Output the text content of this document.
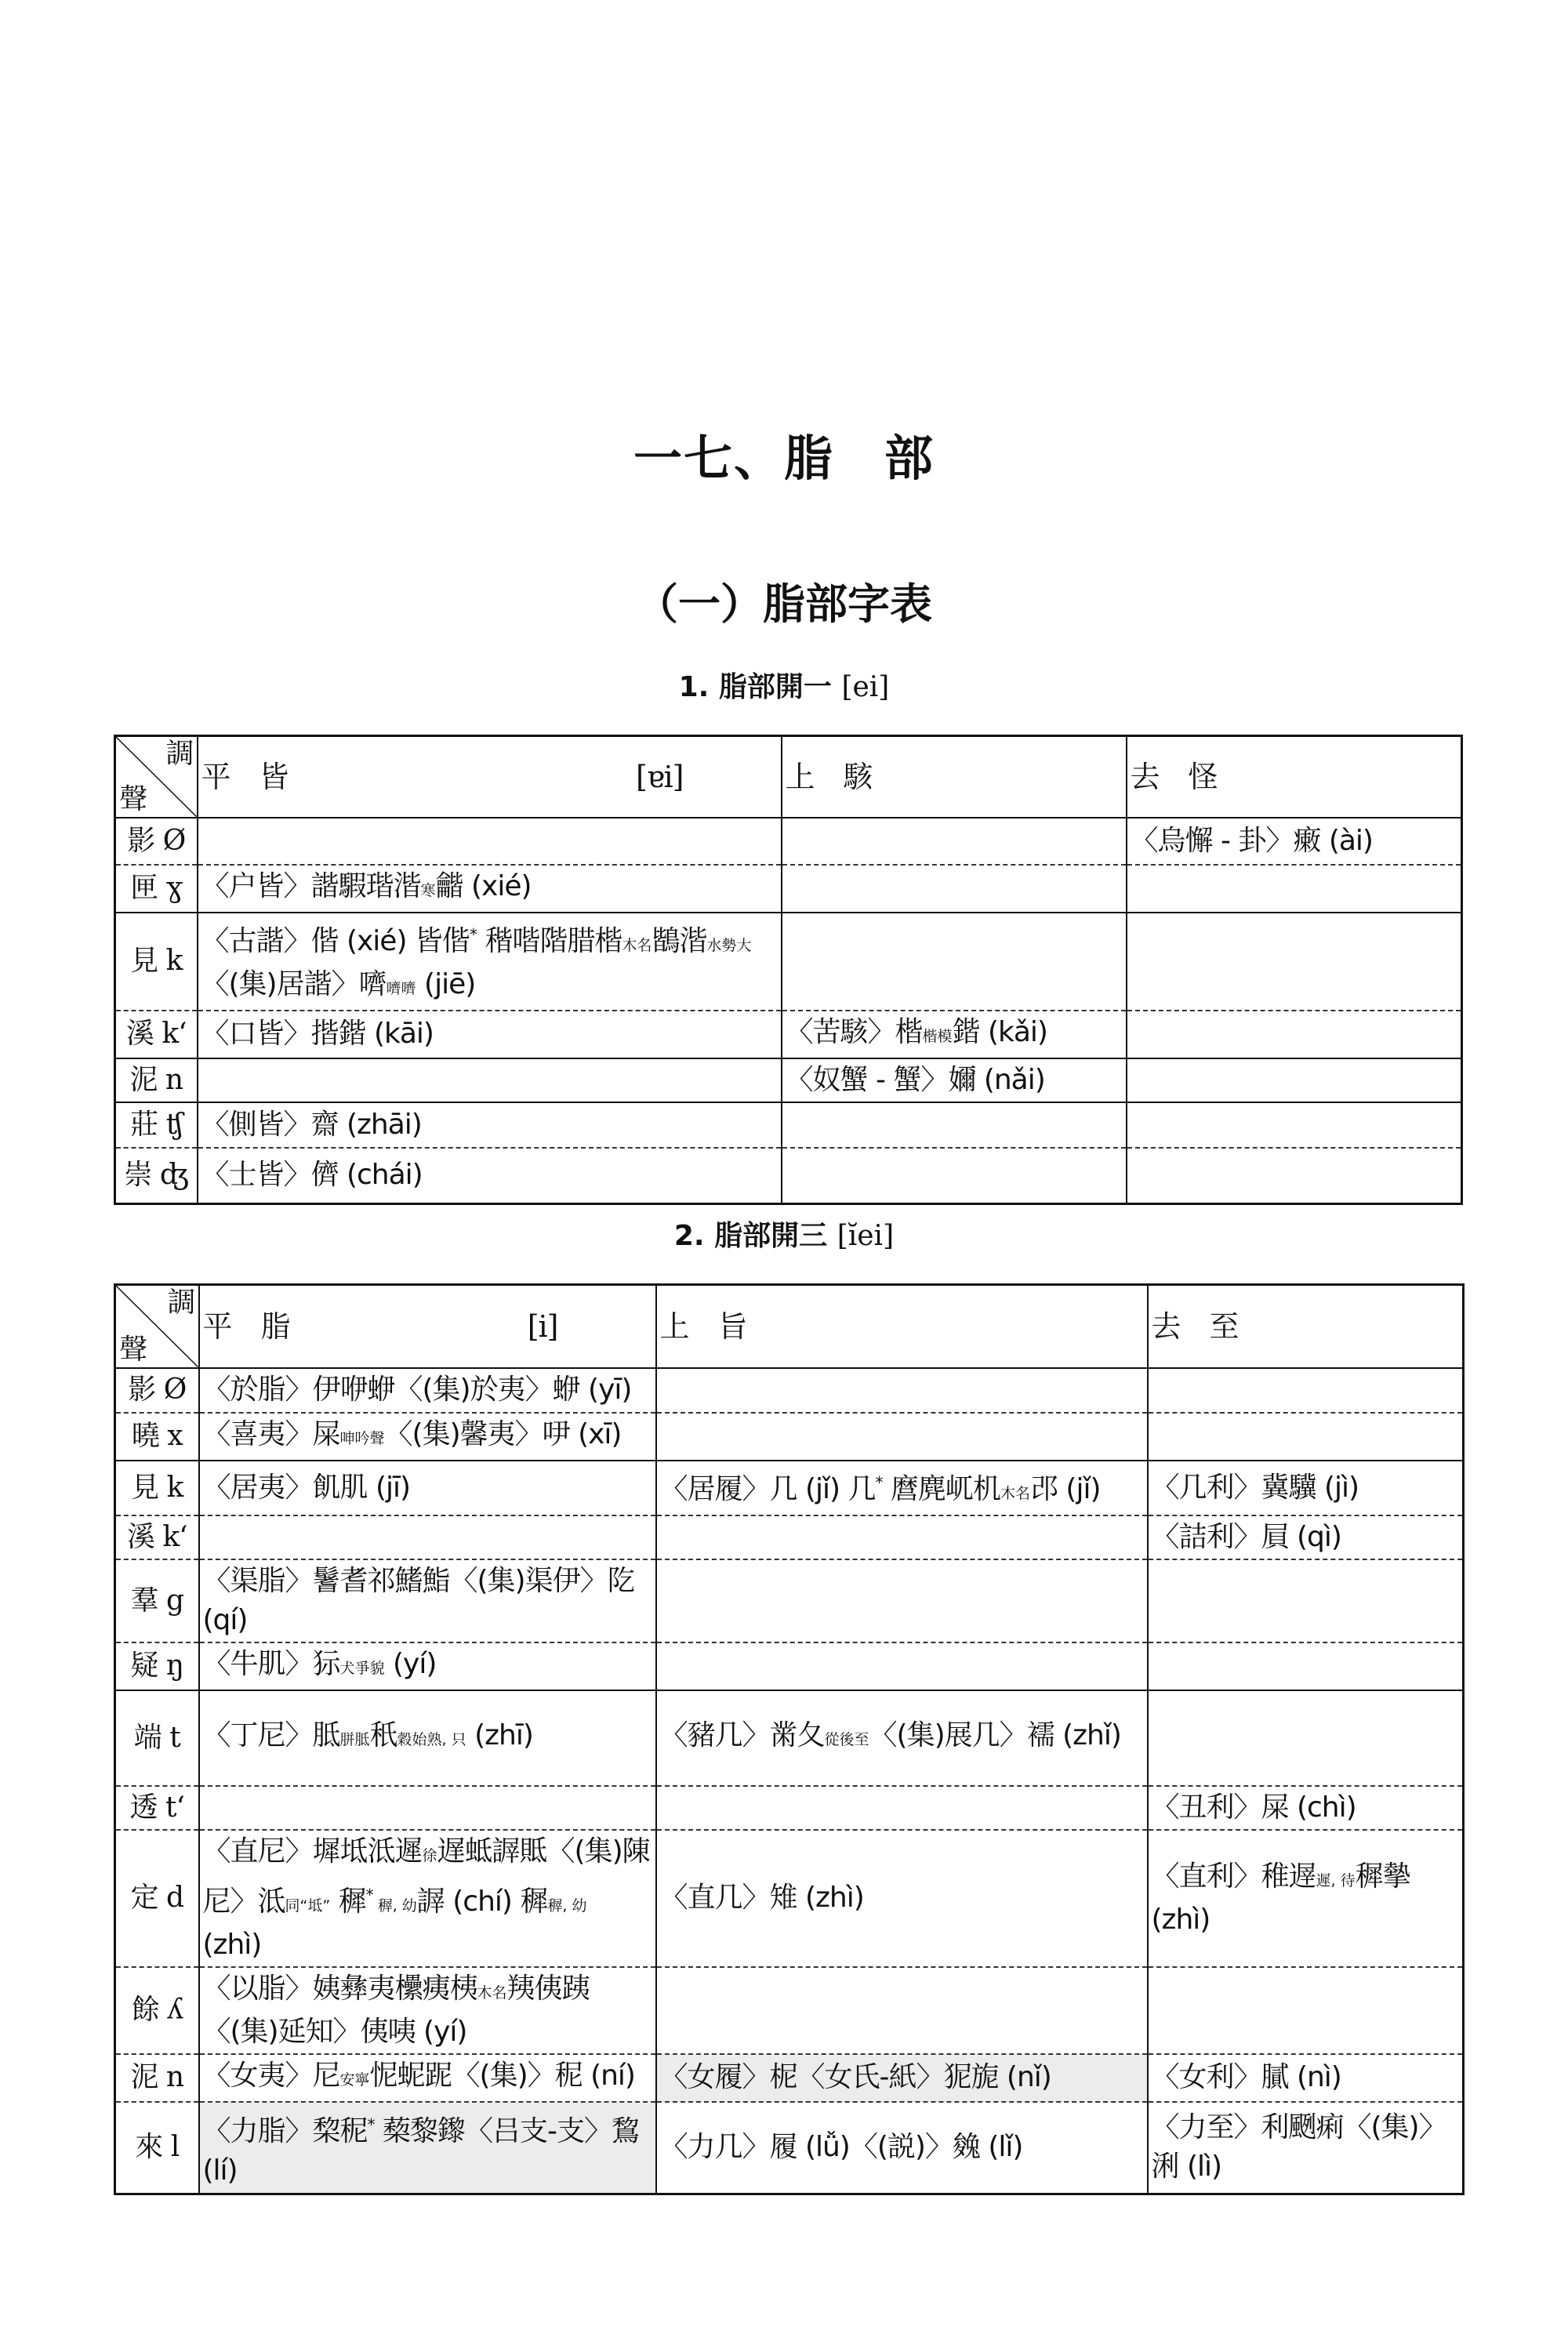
一七、脂　部
（一）脂部字表
1. 脂部開一 [ei]
調
聲	平　皆 [ɐi]	上　駭	去　怪

影 Ø			〈烏懈 - 卦〉瘷 (ài)
匣 ɣ	〈户皆〉諧騢瑎湝寒龤 (xié)		
見 k	〈古諧〉偕 (xié) 皆偕* 稭喈階腊楷木名鶛湝水勢大〈(集)居諧〉嚌嚌嚌 (jiē)		
溪 k‘	〈口皆〉揩鍇 (kāi)	〈苦駭〉楷楷模鍇 (kǎi)	
泥 n		〈奴蟹 - 蟹〉嬭 (nǎi)	
莊 ʧ	〈側皆〉齋 (zhāi)		
崇 ʤ	〈士皆〉儕 (chái)		
2. 脂部開三 [ĭei]
調
聲	平　脂 [i]	上　旨	去　至

影 Ø	〈於脂〉伊咿蛜〈(集)於夷〉蛜 (yī)		
曉 x	〈喜夷〉屎呻吟聲〈(集)馨夷〉吚 (xī)		
見 k	〈居夷〉飢肌 (jī)	〈居履〉几 (jǐ) 几* 麿麂屼机木名邔 (jǐ)	〈几利〉冀驥 (jì)
溪 k‘			〈詰利〉屓 (qì)
羣 g	〈渠脂〉鬐耆祁鰭鮨〈(集)渠伊〉阣 (qí)		
疑 ŋ	〈牛肌〉狋犬爭貌 (yí)		
端 t	〈丁尼〉胝胼胝秖穀始熟, 只 (zhī)	〈豬几〉黹夂從後至〈(集)展几〉襦 (zhǐ)	
透 t‘			〈丑利〉屎 (chì)
定 d	〈直尼〉墀坻泜遲徐遅蚳謘貾〈(集)陳尼〉泜同“坻” 穉* 稺, 幼謘 (chí) 穉稺, 幼 (zhì)	〈直几〉雉 (zhì)	〈直利〉稚遟遲, 待穉摰 (zhì)
餘 ʎ	〈以脂〉姨彝夷欙痍桋木名羠侇跠〈(集)延知〉侇咦 (yí)		
泥 n	〈女夷〉尼安寧怩蚭跜〈(集)〉秜 (ní)	〈女履〉柅〈女氏-紙〉狔旎 (nǐ)	〈女利〉膩 (nì)
來 l	〈力脂〉棃秜* 蔾黎鑗〈吕支-支〉鵹 (lí)	〈力几〉履 (lǚ)〈(説)〉㕙 (lǐ)	〈力至〉利颲痢〈(集)〉浰 (lì)
